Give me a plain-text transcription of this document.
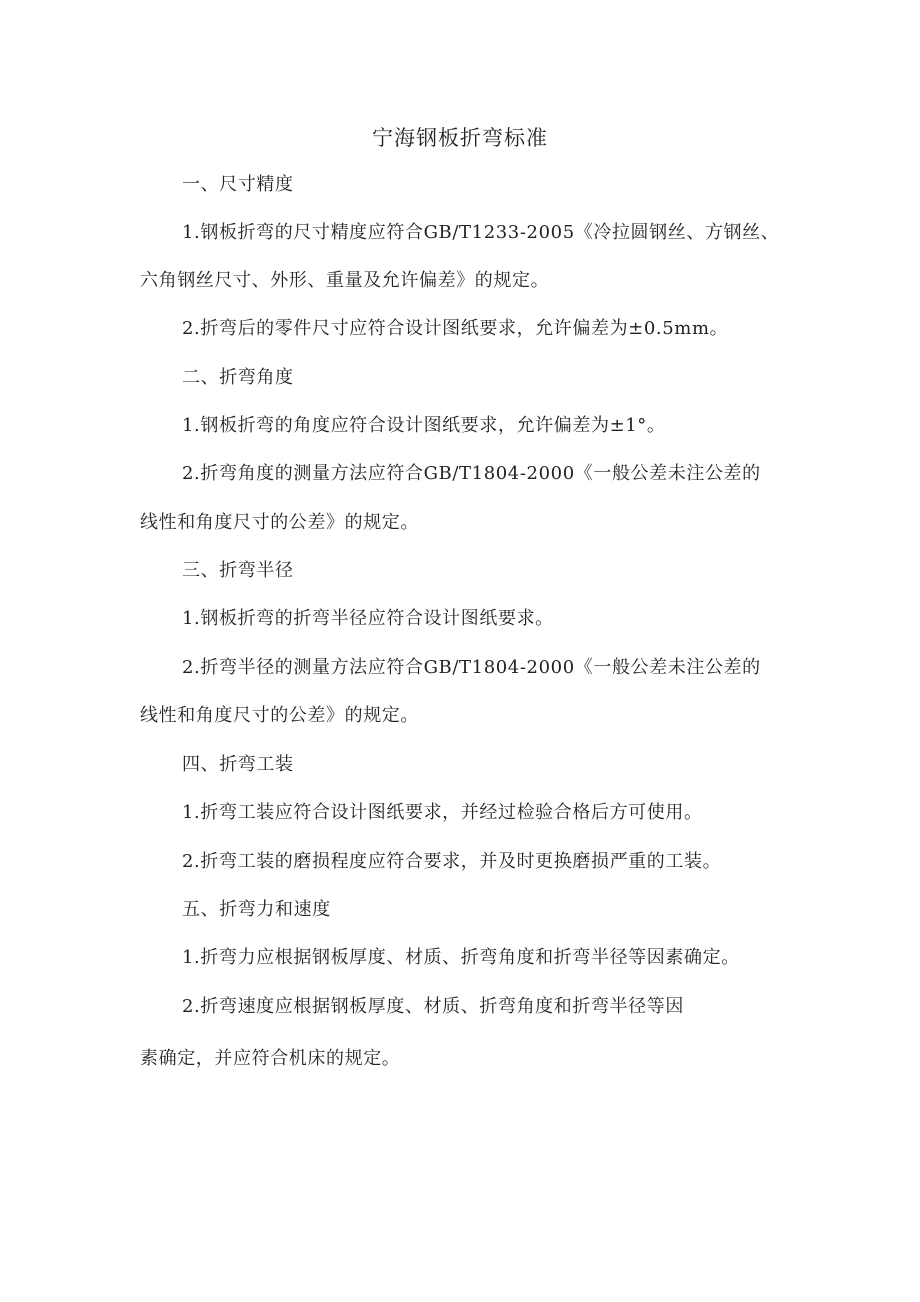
宁海钢板折弯标准
一、尺寸精度
1.钢板折弯的尺寸精度应符合GB/T1233-2005《冷拉圆钢丝、方钢丝、
六角钢丝尺寸、外形、重量及允许偏差》的规定。
2.折弯后的零件尺寸应符合设计图纸要求，允许偏差为±0.5mm。
二、折弯角度
1.钢板折弯的角度应符合设计图纸要求，允许偏差为±1°。
2.折弯角度的测量方法应符合GB/T1804-2000《一般公差未注公差的
线性和角度尺寸的公差》的规定。
三、折弯半径
1.钢板折弯的折弯半径应符合设计图纸要求。
2.折弯半径的测量方法应符合GB/T1804-2000《一般公差未注公差的
线性和角度尺寸的公差》的规定。
四、折弯工装
1.折弯工装应符合设计图纸要求，并经过检验合格后方可使用。
2.折弯工装的磨损程度应符合要求，并及时更换磨损严重的工装。
五、折弯力和速度
1.折弯力应根据钢板厚度、材质、折弯角度和折弯半径等因素确定。
2.折弯速度应根据钢板厚度、材质、折弯角度和折弯半径等因
素确定，并应符合机床的规定。
